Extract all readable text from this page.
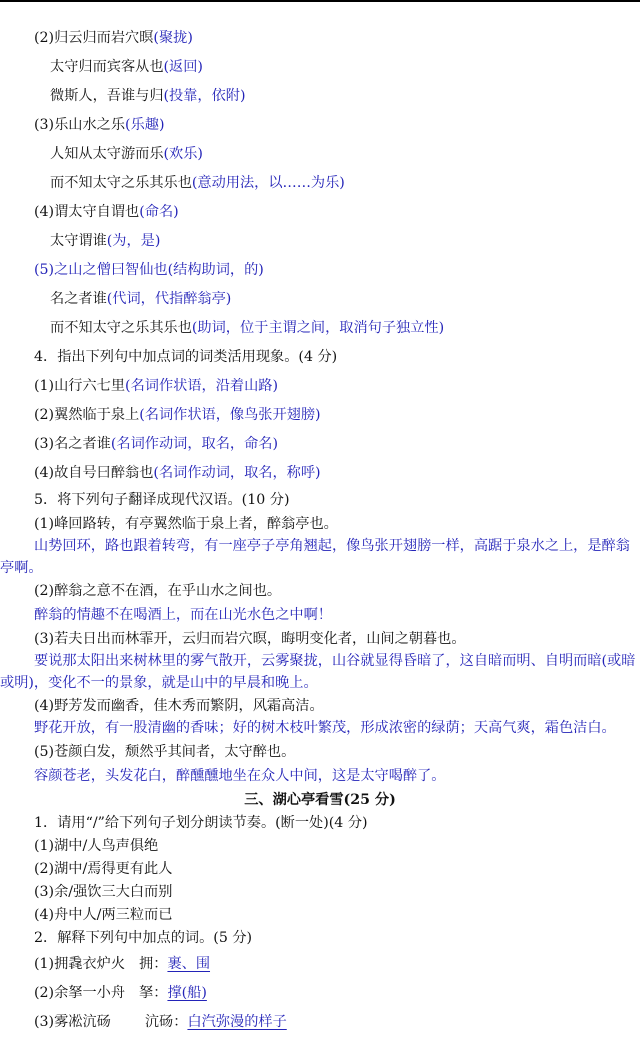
(2)归云归而岩穴暝(聚拢)
太守归而宾客从也(返回)
微斯人，吾谁与归(投靠，依附)
(3)乐山水之乐(乐趣)
人知从太守游而乐(欢乐)
而不知太守之乐其乐也(意动用法，以……为乐)
(4)谓太守自谓也(命名)
太守谓谁(为，是)
(5)之山之僧曰智仙也(结构助词，的)
名之者谁(代词，代指醉翁亭)
而不知太守之乐其乐也(助词，位于主谓之间，取消句子独立性)
4．指出下列句中加点词的词类活用现象。(4 分)
(1)山行六七里(名词作状语，沿着山路)
(2)翼然临于泉上(名词作状语，像鸟张开翅膀)
(3)名之者谁(名词作动词，取名，命名)
(4)故自号曰醉翁也(名词作动词，取名，称呼)
5．将下列句子翻译成现代汉语。(10 分)
(1)峰回路转，有亭翼然临于泉上者，醉翁亭也。
山势回环，路也跟着转弯，有一座亭子亭角翘起，像鸟张开翅膀一样，高踞于泉水之上，是醉翁亭啊。
(2)醉翁之意不在酒，在乎山水之间也。
醉翁的情趣不在喝酒上，而在山光水色之中啊！
(3)若夫日出而林霏开，云归而岩穴暝，晦明变化者，山间之朝暮也。
要说那太阳出来树林里的雾气散开，云雾聚拢，山谷就显得昏暗了，这自暗而明、自明而暗(或暗或明)，变化不一的景象，就是山中的早晨和晚上。
(4)野芳发而幽香，佳木秀而繁阴，风霜高洁。
野花开放，有一股清幽的香味；好的树木枝叶繁茂，形成浓密的绿荫；天高气爽，霜色洁白。
(5)苍颜白发，颓然乎其间者，太守醉也。
容颜苍老，头发花白，醉醺醺地坐在众人中间，这是太守喝醉了。
三、湖心亭看雪(25 分)
1．请用“/”给下列句子划分朗读节奏。(断一处)(4 分)
(1)湖中/人鸟声俱绝
(2)湖中/焉得更有此人
(3)余/强饮三大白而别
(4)舟中人/两三粒而已
2．解释下列句中加点的词。(5 分)
(1)拥毳衣炉火 拥：裹、围
(2)余拏一小舟 拏：撑(船)
(3)雾凇沆砀 沆砀：白汽弥漫的样子
